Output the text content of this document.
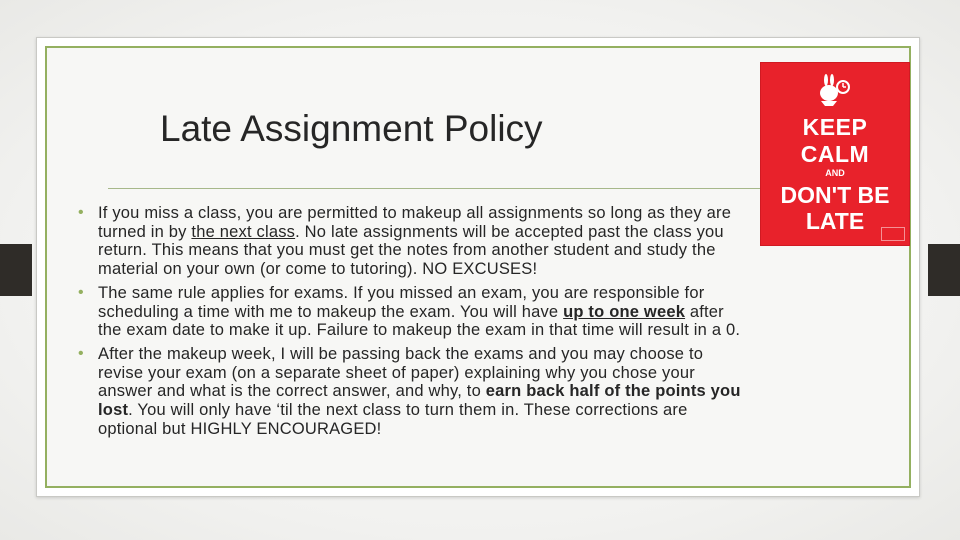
Late Assignment Policy	KEEP
CALM
AND
DON'T BE
LATE
• If you miss a class, you are permitted to makeup all assignments so long as they are turned in by the next class. No late assignments will be accepted past the class you return. This means that you must get the notes from another student and study the material on your own (or come to tutoring). NO EXCUSES!
• The same rule applies for exams. If you missed an exam, you are responsible for scheduling a time with me to makeup the exam. You will have up to one week after the exam date to make it up. Failure to makeup the exam in that time will result in a 0.
• After the makeup week, I will be passing back the exams and you may choose to revise your exam (on a separate sheet of paper) explaining why you chose your answer and what is the correct answer, and why, to earn back half of the points you lost. You will only have ‘til the next class to turn them in. These corrections are optional but HIGHLY ENCOURAGED!
